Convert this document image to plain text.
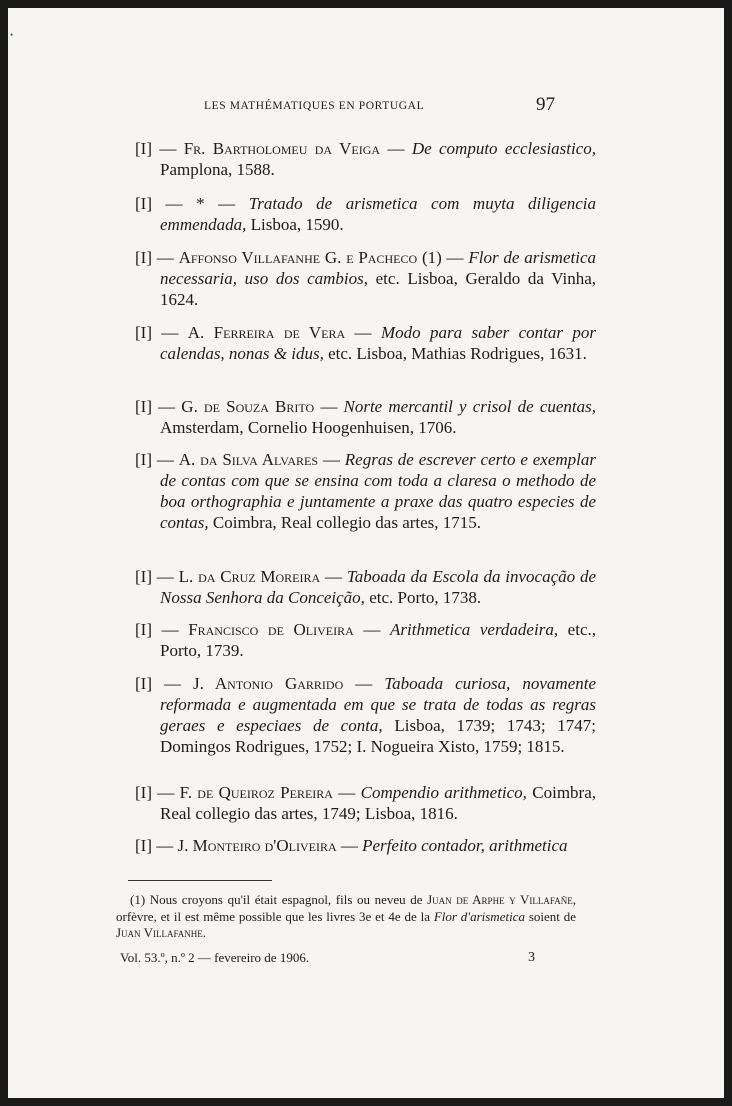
•
LES MATHÉMATIQUES EN PORTUGAL	97
[I] — Fr. Bartholomeu da Veiga — De computo ecclesiastico, Pamplona, 1588.
[I] — * — Tratado de arismetica com muyta diligencia emmendada, Lisboa, 1590.
[I] — Affonso Villafanhe G. e Pacheco (1) — Flor de arismetica necessaria, uso dos cambios, etc. Lisboa, Geraldo da Vinha, 1624.
[I] — A. Ferreira de Vera — Modo para saber contar por calendas, nonas & idus, etc. Lisboa, Mathias Rodrigues, 1631.
[I] — G. de Souza Brito — Norte mercantil y crisol de cuentas, Amsterdam, Cornelio Hoogenhuisen, 1706.
[I] — A. da Silva Alvares — Regras de escrever certo e exemplar de contas com que se ensina com toda a claresa o methodo de boa orthographia e juntamente a praxe das quatro especies de contas, Coimbra, Real collegio das artes, 1715.
[I] — L. da Cruz Moreira — Taboada da Escola da invocação de Nossa Senhora da Conceição, etc. Porto, 1738.
[I] — Francisco de Oliveira — Arithmetica verdadeira, etc., Porto, 1739.
[I] — J. Antonio Garrido — Taboada curiosa, novamente reformada e augmentada em que se trata de todas as regras geraes e especiaes de conta, Lisboa, 1739; 1743; 1747; Domingos Rodrigues, 1752; I. Nogueira Xisto, 1759; 1815.
[I] — F. de Queiroz Pereira — Compendio arithmetico, Coimbra, Real collegio das artes, 1749; Lisboa, 1816.
[I] — J. Monteiro d'Oliveira — Perfeito contador, arithmetica
(1) Nous croyons qu'il était espagnol, fils ou neveu de Juan de Arphe y Villafañe, orfèvre, et il est même possible que les livres 3e et 4e de la Flor d'arismetica soient de Juan Villafanhe.
Vol. 53.º, n.º 2 — fevereiro de 1906.	3
